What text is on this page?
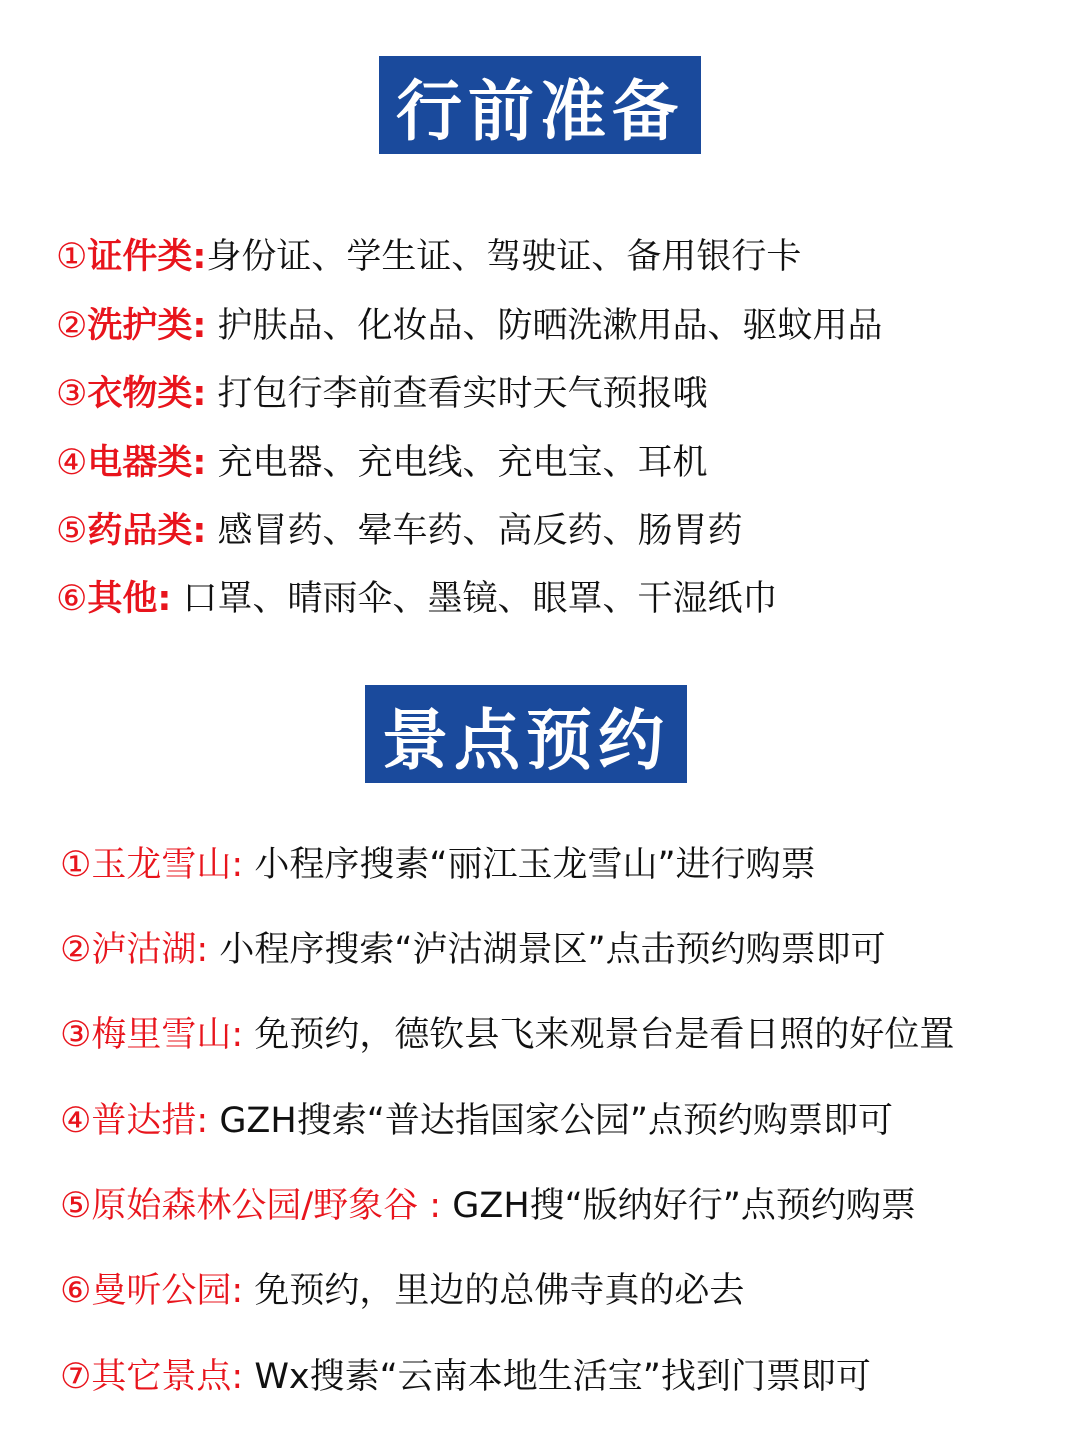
行前准备
①证件类:身份证、学生证、驾驶证、备用银行卡
②洗护类: 护肤品、化妆品、防晒洗漱用品、驱蚊用品
③衣物类: 打包行李前查看实时天气预报哦
④电器类: 充电器、充电线、充电宝、耳机
⑤药品类: 感冒药、晕车药、高反药、肠胃药
⑥其他: 口罩、晴雨伞、墨镜、眼罩、干湿纸巾
景点预约
①玉龙雪山: 小程序搜素“丽江玉龙雪山”进行购票
②泸沽湖: 小程序搜索“泸沽湖景区”点击预约购票即可
③梅里雪山: 免预约，德钦县飞来观景台是看日照的好位置
④普达措: GZH搜索“普达指国家公园”点预约购票即可
⑤原始森林公园/野象谷 : GZH搜“版纳好行”点预约购票
⑥曼听公园: 免预约，里边的总佛寺真的必去
⑦其它景点: Wx搜素“云南本地生活宝”找到门票即可
